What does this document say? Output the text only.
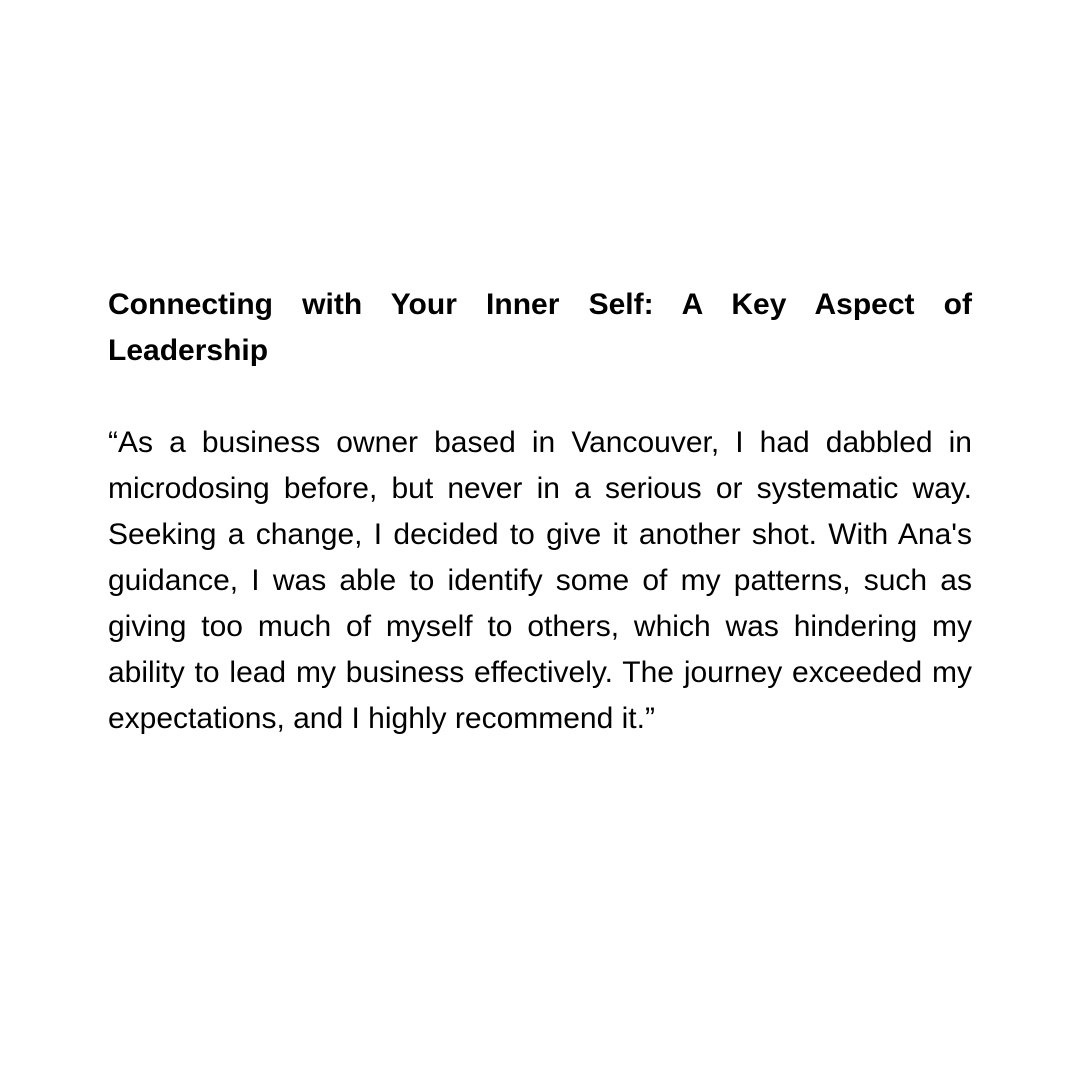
Connecting with Your Inner Self: A Key Aspect of Leadership

“As a business owner based in Vancouver, I had dabbled in microdosing before, but never in a serious or systematic way. Seeking a change, I decided to give it another shot. With Ana's guidance, I was able to identify some of my patterns, such as giving too much of myself to others, which was hindering my ability to lead my business effectively. The journey exceeded my expectations, and I highly recommend it.”
